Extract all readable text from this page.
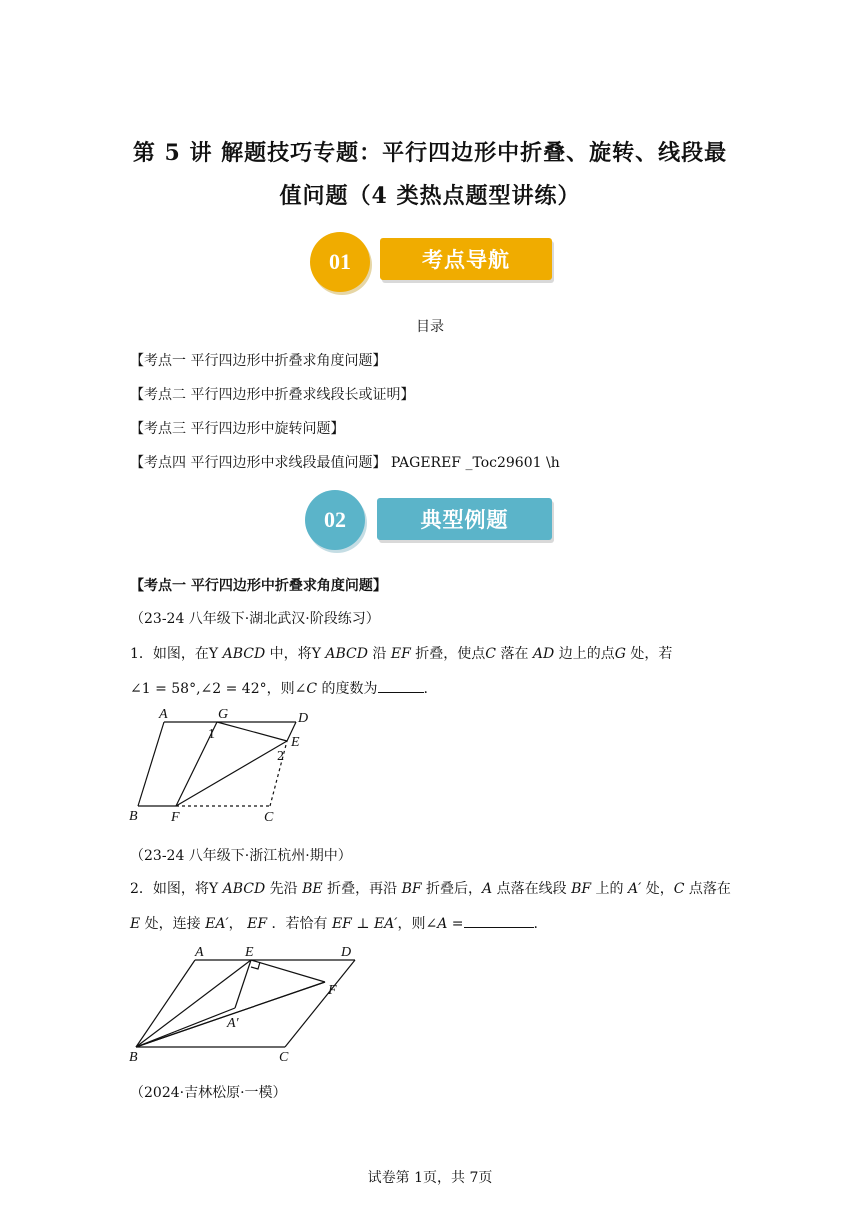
第 5 讲 解题技巧专题：平行四边形中折叠、旋转、线段最
值问题（4 类热点题型讲练）
01	考点导航
目录
【考点一 平行四边形中折叠求角度问题】
【考点二 平行四边形中折叠求线段长或证明】
【考点三 平行四边形中旋转问题】
【考点四 平行四边形中求线段最值问题】 PAGEREF _Toc29601 \h
02	典型例题
【考点一 平行四边形中折叠求角度问题】
（23-24 八年级下·湖北武汉·阶段练习）
1．如图，在Y ABCD 中，将Y ABCD 沿 EF 折叠，使点C 落在 AD 边上的点G 处，若
∠1 = 58°,∠2 = 42°，则∠C 的度数为	.
A	G	D
E
1
2
B F	C
（23-24 八年级下·浙江杭州·期中）
2．如图，将Y ABCD 先沿 BE 折叠，再沿 BF 折叠后，A 点落在线段 BF 上的 A′ 处，C 点落在
E 处，连接 EA′， EF ．若恰有 EF ⊥ EA′，则∠A =	.
A	E	D
F
A′
B	C
（2024·吉林松原·一模）
试卷第 1页，共 7页
